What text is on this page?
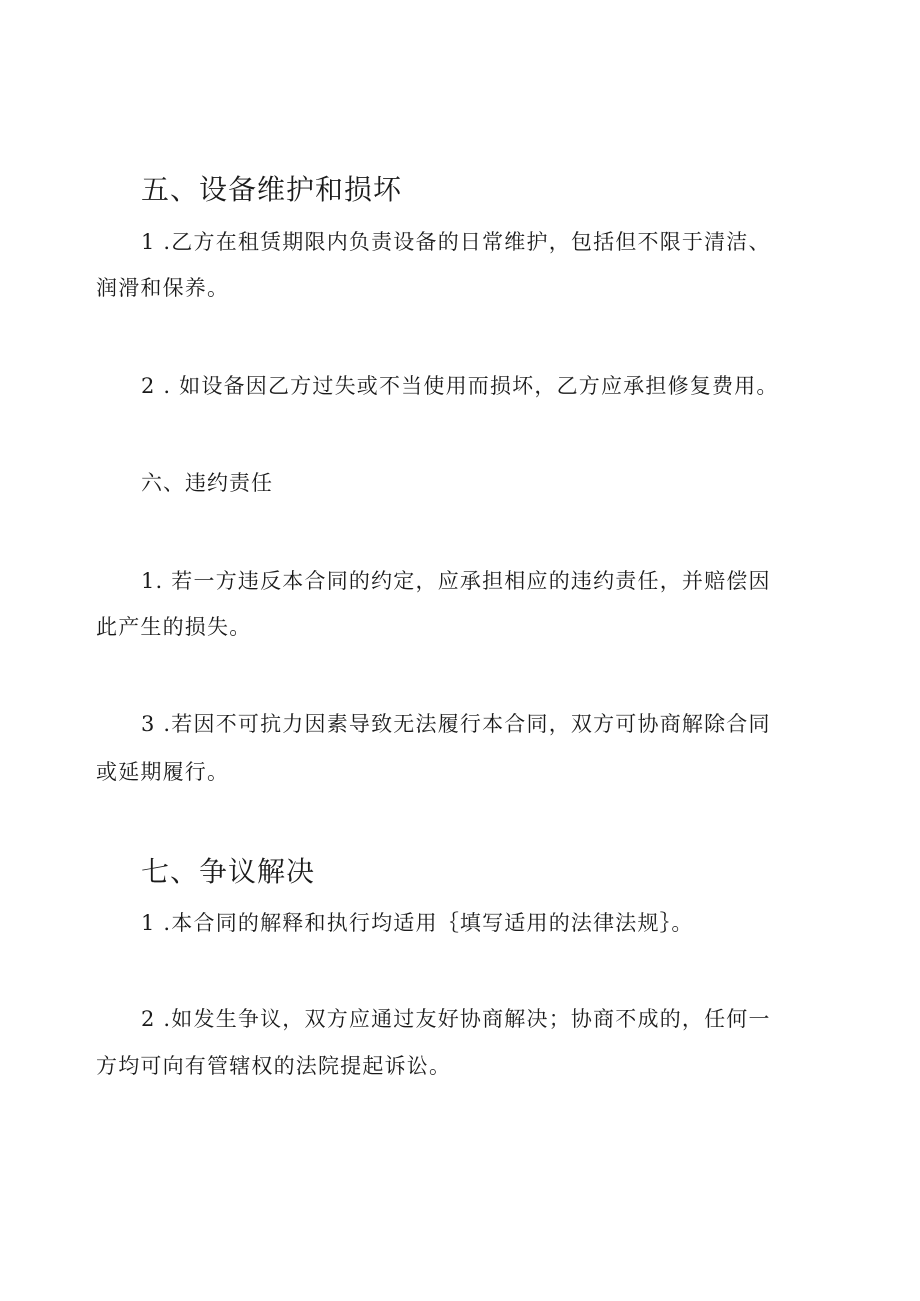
五、设备维护和损坏

1 .乙方在租赁期限内负责设备的日常维护，包括但不限于清洁、

润滑和保养。

2 . 如设备因乙方过失或不当使用而损坏，乙方应承担修复费用。

六、违约责任

1. 若一方违反本合同的约定，应承担相应的违约责任，并赔偿因

此产生的损失。

3 .若因不可抗力因素导致无法履行本合同，双方可协商解除合同

或延期履行。

七、争议解决

1 .本合同的解释和执行均适用｛填写适用的法律法规｝。

2 .如发生争议，双方应通过友好协商解决；协商不成的，任何一

方均可向有管辖权的法院提起诉讼。
